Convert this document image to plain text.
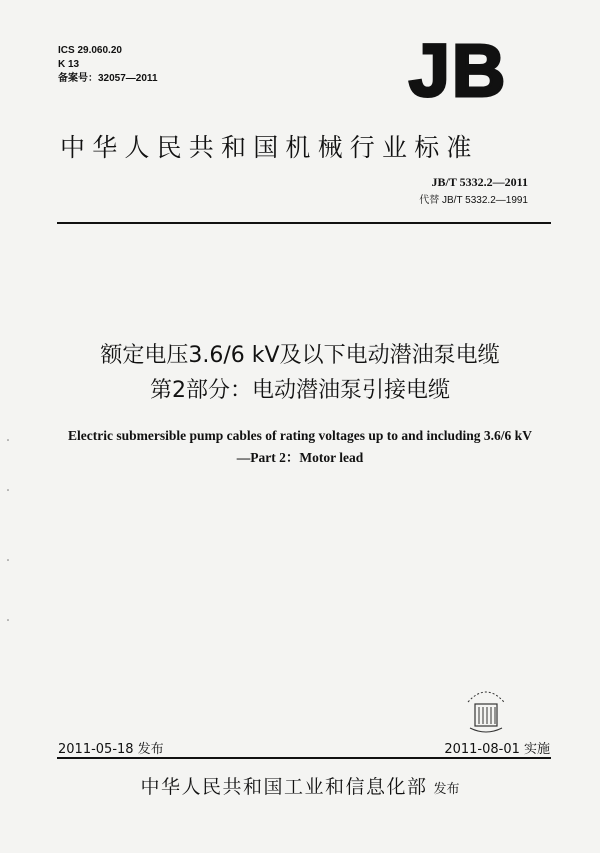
ICS 29.060.20
K 13
备案号：32057—2011	JB
中华人民共和国机械行业标准
JB/T 5332.2—2011
代替 JB/T 5332.2—1991
额定电压3.6/6 kV及以下电动潜油泵电缆
第2部分：电动潜油泵引接电缆
Electric submersible pump cables of rating voltages up to and including 3.6/6 kV
—Part 2：Motor lead
2011-05-18 发布	2011-08-01 实施
中华人民共和国工业和信息化部 发布
